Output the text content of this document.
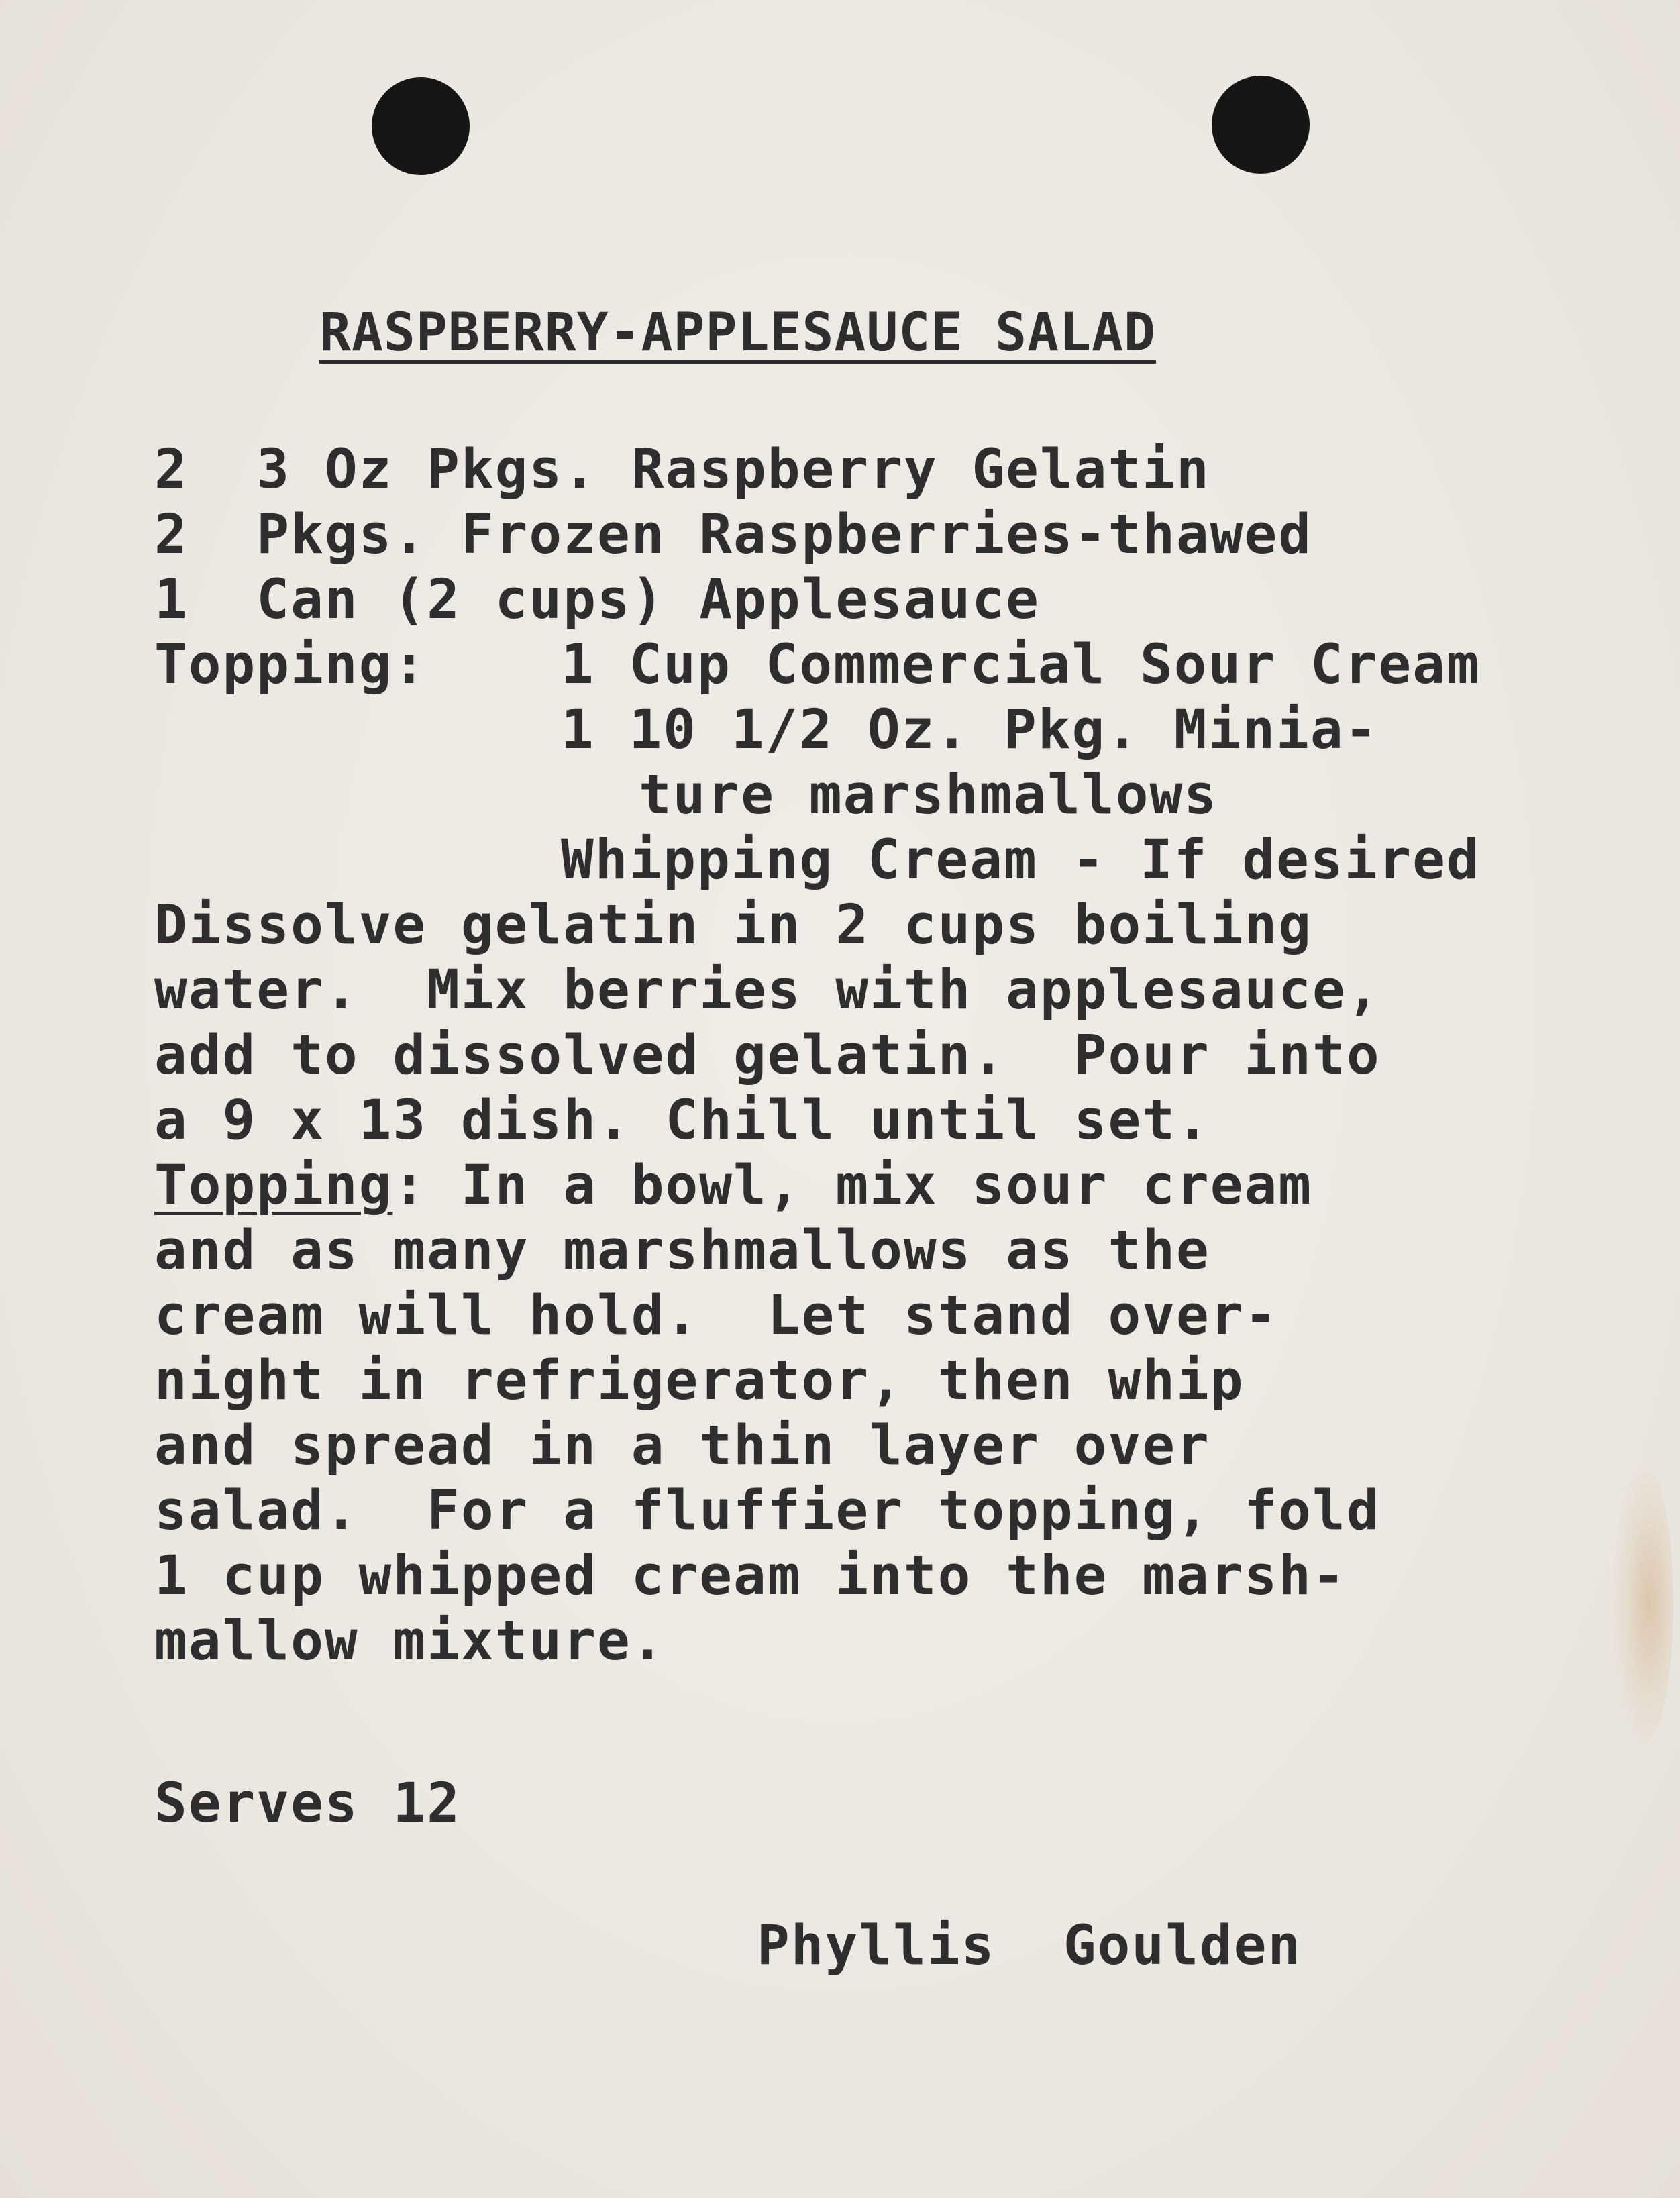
RASPBERRY-APPLESAUCE SALAD

2  3 Oz Pkgs. Raspberry Gelatin

2  Pkgs. Frozen Raspberries-thawed

1  Can (2 cups) Applesauce

Topping: 1 Cup Commercial Sour Cream

1 10 1/2 Oz. Pkg. Minia-

ture marshmallows

Whipping Cream - If desired

Dissolve gelatin in 2 cups boiling

water.  Mix berries with applesauce,

add to dissolved gelatin.  Pour into

a 9 x 13 dish. Chill until set.

Topping: In a bowl, mix sour cream

and as many marshmallows as the

cream will hold.  Let stand over-

night in refrigerator, then whip

and spread in a thin layer over

salad.  For a fluffier topping, fold

1 cup whipped cream into the marsh-

mallow mixture.

Serves 12

Phyllis  Goulden
